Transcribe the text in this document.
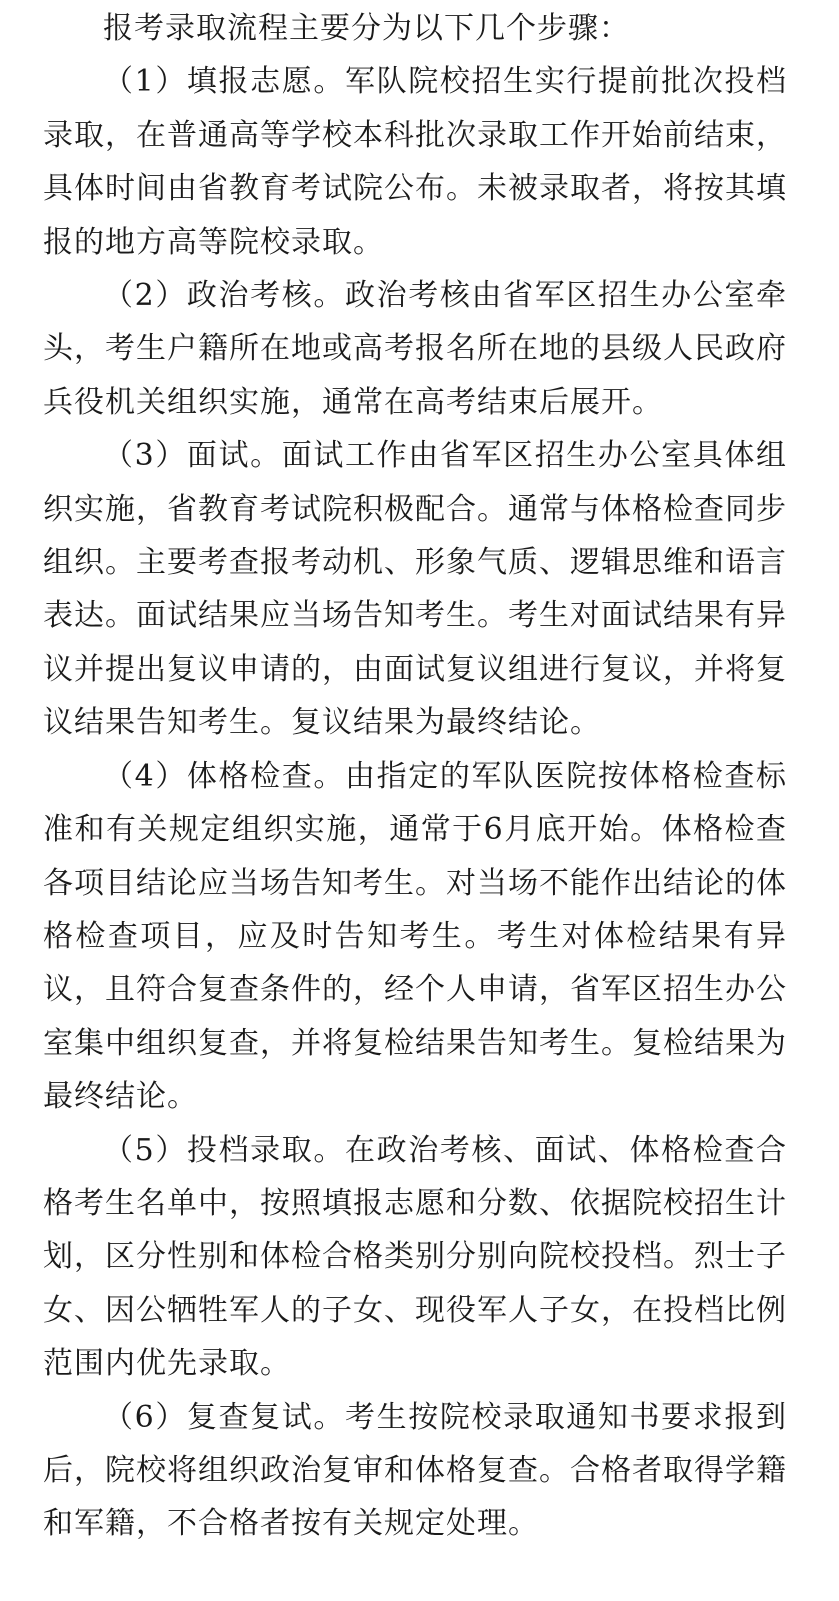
报考录取流程主要分为以下几个步骤：

（1）填报志愿。军队院校招生实行提前批次投档录取，在普通高等学校本科批次录取工作开始前结束，具体时间由省教育考试院公布。未被录取者，将按其填报的地方高等院校录取。

（2）政治考核。政治考核由省军区招生办公室牵头，考生户籍所在地或高考报名所在地的县级人民政府兵役机关组织实施，通常在高考结束后展开。

（3）面试。面试工作由省军区招生办公室具体组织实施，省教育考试院积极配合。通常与体格检查同步组织。主要考查报考动机、形象气质、逻辑思维和语言表达。面试结果应当场告知考生。考生对面试结果有异议并提出复议申请的，由面试复议组进行复议，并将复议结果告知考生。复议结果为最终结论。

（4）体格检查。由指定的军队医院按体格检查标准和有关规定组织实施，通常于6月底开始。体格检查各项目结论应当场告知考生。对当场不能作出结论的体格检查项目，应及时告知考生。考生对体检结果有异议，且符合复查条件的，经个人申请，省军区招生办公室集中组织复查，并将复检结果告知考生。复检结果为最终结论。

（5）投档录取。在政治考核、面试、体格检查合格考生名单中，按照填报志愿和分数、依据院校招生计划，区分性别和体检合格类别分别向院校投档。烈士子女、因公牺牲军人的子女、现役军人子女，在投档比例范围内优先录取。

（6）复查复试。考生按院校录取通知书要求报到后，院校将组织政治复审和体格复查。合格者取得学籍和军籍，不合格者按有关规定处理。
